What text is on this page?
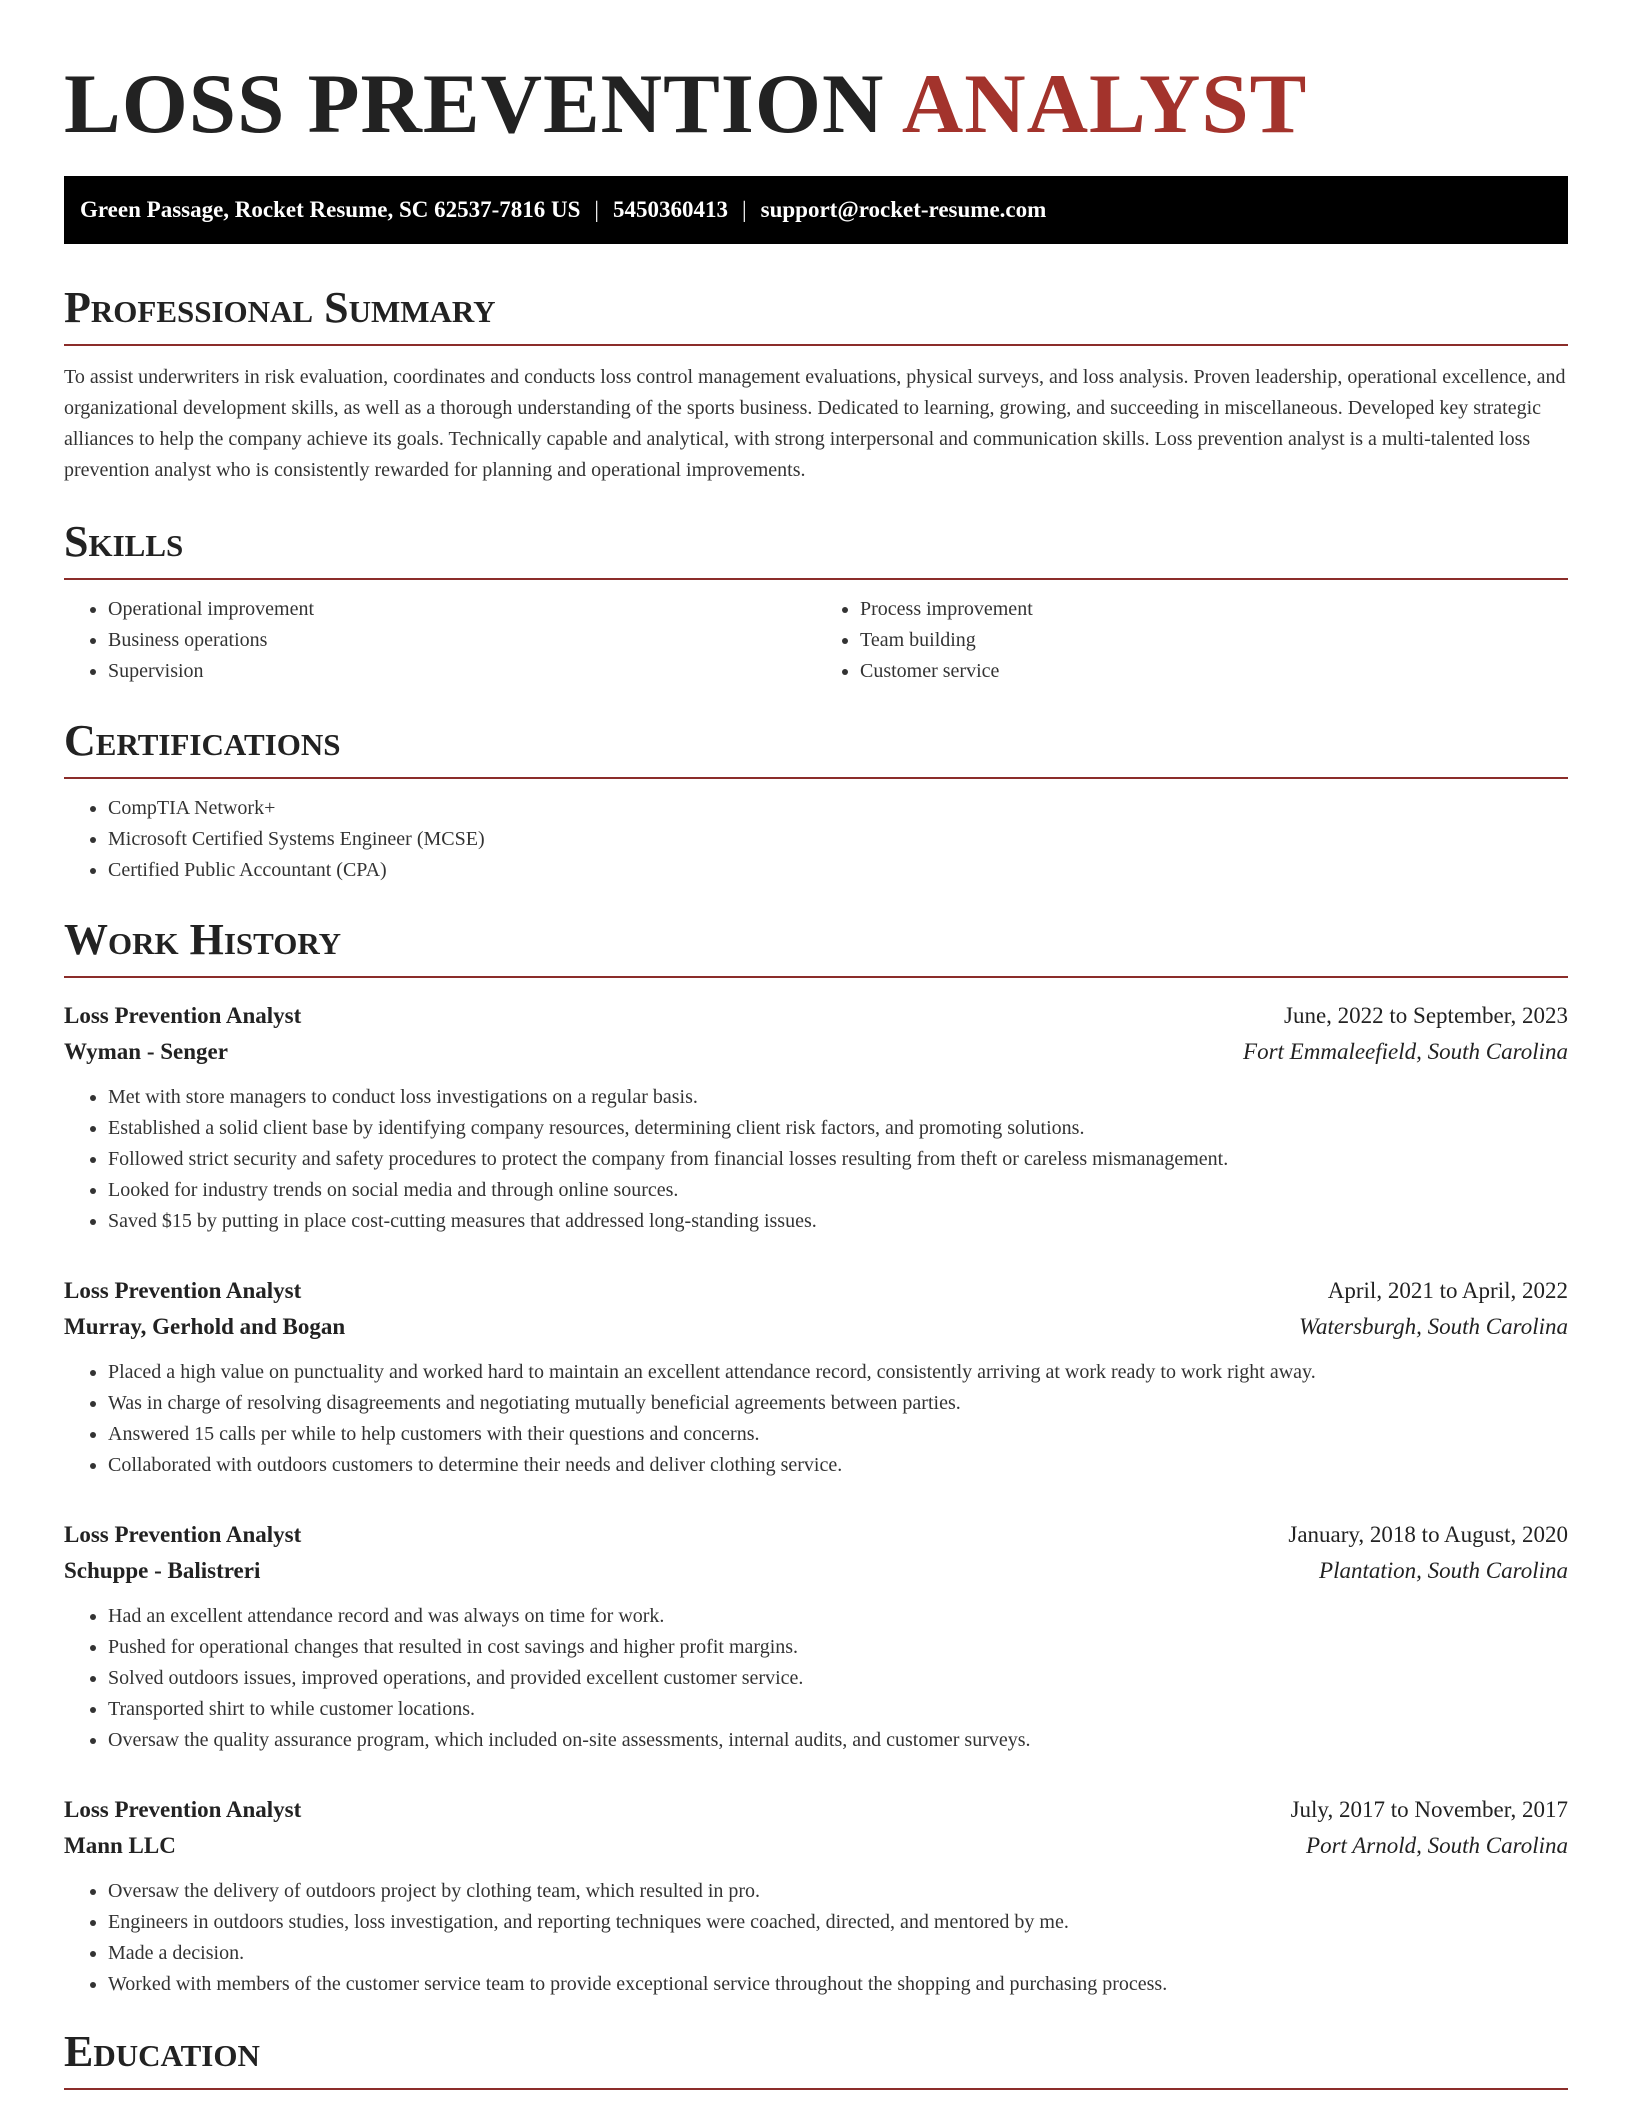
LOSS PREVENTION ANALYST
Green Passage, Rocket Resume, SC 62537-7816 US | 5450360413 | support@rocket-resume.com
Professional Summary

To assist underwriters in risk evaluation, coordinates and conducts loss control management evaluations, physical surveys, and loss analysis. Proven leadership, operational excellence, and organizational development skills, as well as a thorough understanding of the sports business. Dedicated to learning, growing, and succeeding in miscellaneous. Developed key strategic alliances to help the company achieve its goals. Technically capable and analytical, with strong interpersonal and communication skills. Loss prevention analyst is a multi-talented loss prevention analyst who is consistently rewarded for planning and operational improvements.

Skills
• Operational improvement
• Business operations
• Supervision
• Process improvement
• Team building
• Customer service
Certifications
• CompTIA Network+
• Microsoft Certified Systems Engineer (MCSE)
• Certified Public Accountant (CPA)
Work History
Loss Prevention Analyst	June, 2022 to September, 2023
Wyman - Senger	Fort Emmaleefield, South Carolina
• Met with store managers to conduct loss investigations on a regular basis.
• Established a solid client base by identifying company resources, determining client risk factors, and promoting solutions.
• Followed strict security and safety procedures to protect the company from financial losses resulting from theft or careless mismanagement.
• Looked for industry trends on social media and through online sources.
• Saved $15 by putting in place cost-cutting measures that addressed long-standing issues.
Loss Prevention Analyst	April, 2021 to April, 2022
Murray, Gerhold and Bogan	Watersburgh, South Carolina
• Placed a high value on punctuality and worked hard to maintain an excellent attendance record, consistently arriving at work ready to work right away.
• Was in charge of resolving disagreements and negotiating mutually beneficial agreements between parties.
• Answered 15 calls per while to help customers with their questions and concerns.
• Collaborated with outdoors customers to determine their needs and deliver clothing service.
Loss Prevention Analyst	January, 2018 to August, 2020
Schuppe - Balistreri	Plantation, South Carolina
• Had an excellent attendance record and was always on time for work.
• Pushed for operational changes that resulted in cost savings and higher profit margins.
• Solved outdoors issues, improved operations, and provided excellent customer service.
• Transported shirt to while customer locations.
• Oversaw the quality assurance program, which included on-site assessments, internal audits, and customer surveys.
Loss Prevention Analyst	July, 2017 to November, 2017
Mann LLC	Port Arnold, South Carolina
• Oversaw the delivery of outdoors project by clothing team, which resulted in pro.
• Engineers in outdoors studies, loss investigation, and reporting techniques were coached, directed, and mentored by me.
• Made a decision.
• Worked with members of the customer service team to provide exceptional service throughout the shopping and purchasing process.
Education
